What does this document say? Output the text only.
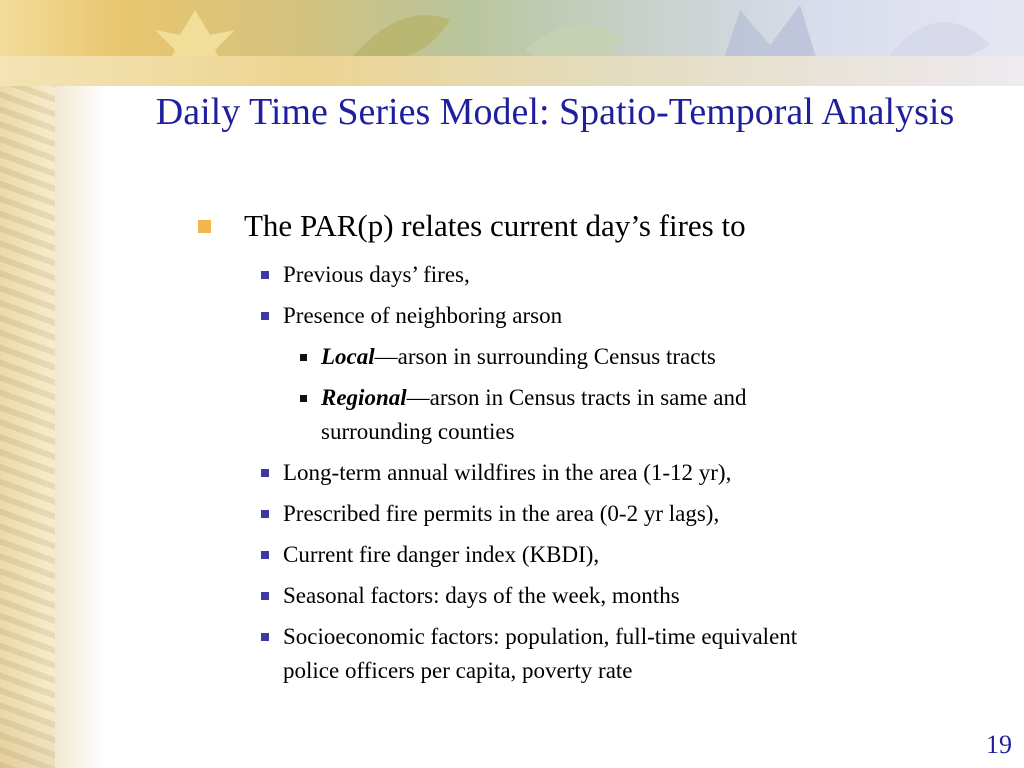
Daily Time Series Model: Spatio-Temporal Analysis
The PAR(p) relates current day’s fires to
Previous days’ fires,
Presence of neighboring arson
Local—arson in surrounding Census tracts
Regional—arson in Census tracts in same and
surrounding counties
Long-term annual wildfires in the area (1-12 yr),
Prescribed fire permits in the area (0-2 yr lags),
Current fire danger index (KBDI),
Seasonal factors: days of the week, months
Socioeconomic factors: population, full-time equivalent
police officers per capita, poverty rate
19
